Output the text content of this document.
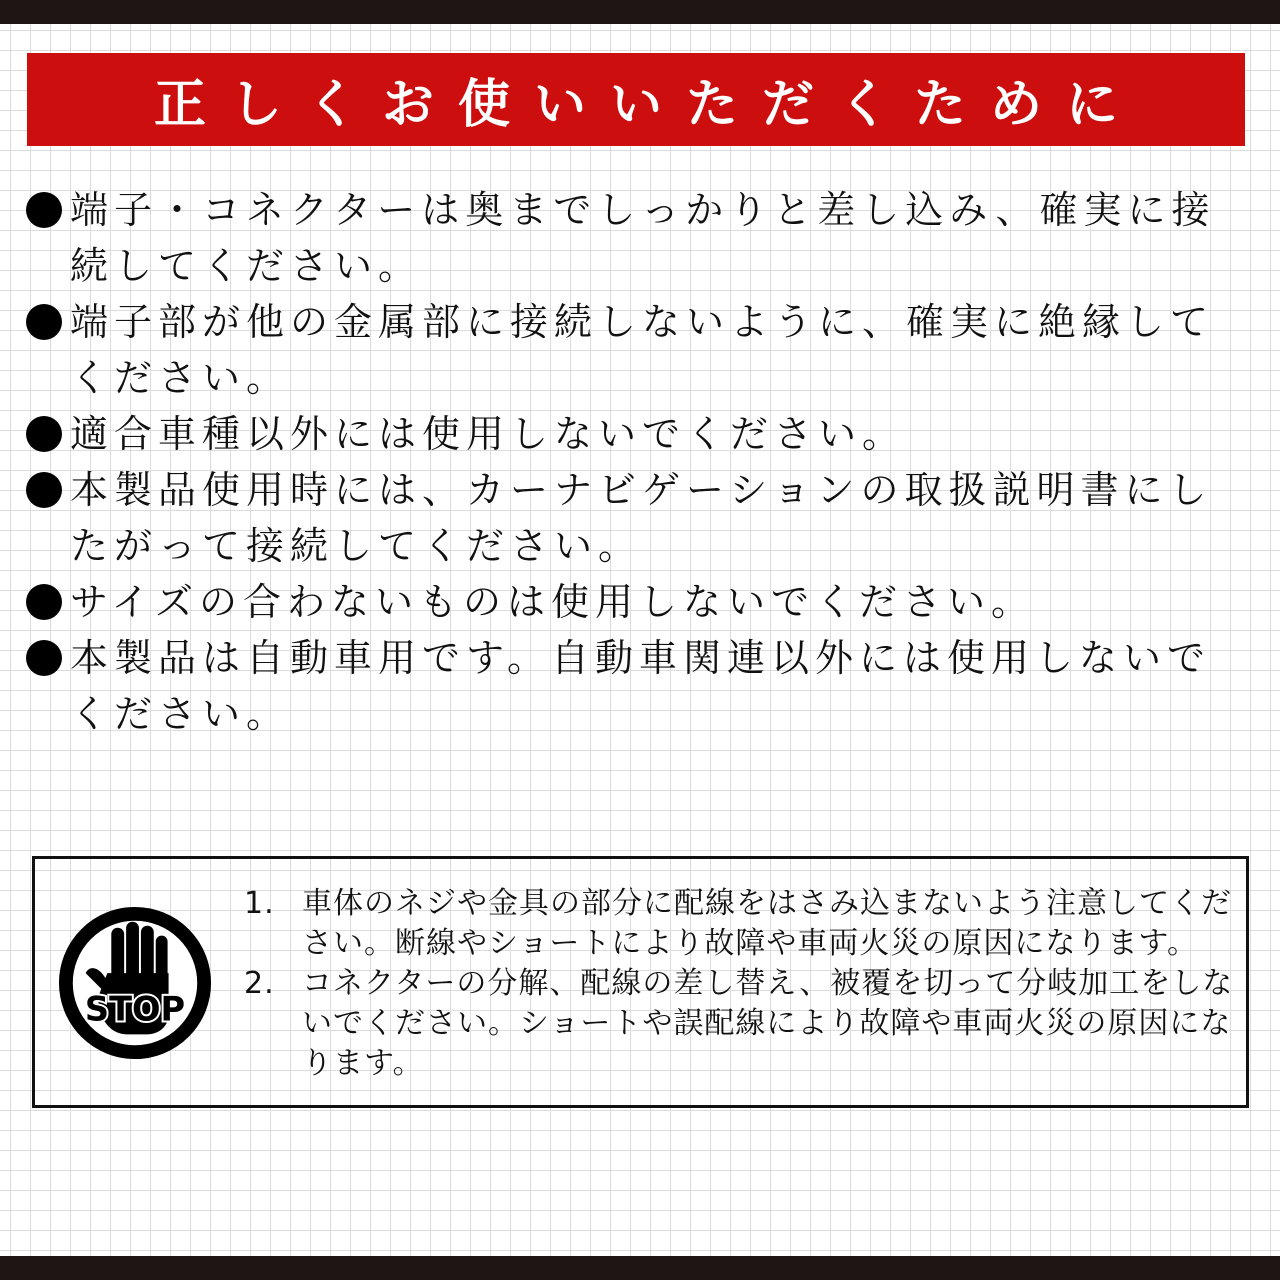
正しくお使いいただくために
端子・コネクターは奥までしっかりと差し込み、確実に接続してください。
端子部が他の金属部に接続しないように、確実に絶縁してください。
適合車種以外には使用しないでください。
本製品使用時には、カーナビゲーションの取扱説明書にしたがって接続してください。
サイズの合わないものは使用しないでください。
本製品は自動車用です。自動車関連以外には使用しないでください。
STOP
1. 車体のネジや金具の部分に配線をはさみ込まないよう注意してください。断線やショートにより故障や車両火災の原因になります。
2. コネクターの分解、配線の差し替え、被覆を切って分岐加工をしないでください。ショートや誤配線により故障や車両火災の原因になります。
